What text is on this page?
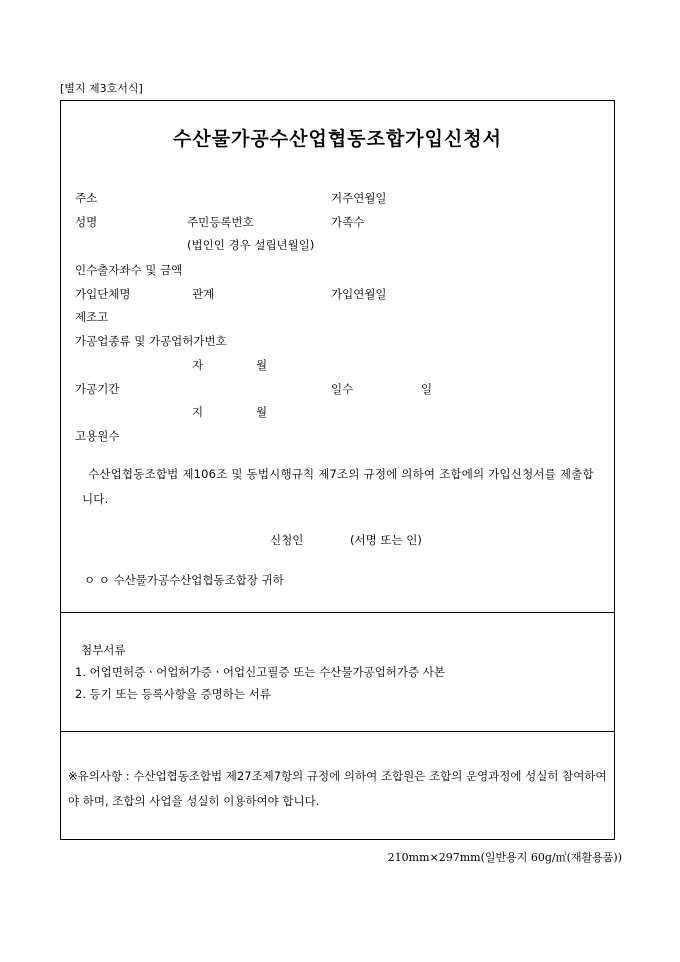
[별지 제3호서식]
수산물가공수산업협동조합가입신청서
주소	거주연월일
성명	주민등록번호	가족수
(법인인 경우 설립년월일)
인수출자좌수 및 금액
가입단체명	관계	가입연월일
제조고
가공업종류 및 가공업허가번호
자	월
가공기간	일수	일
지	월
고용원수
수산업협동조합법 제106조 및 동법시행규칙 제7조의 규정에 의하여 조합에의 가입신청서를 제출합니다.
신청인	(서명 또는 인)
ㅇ ㅇ 수산물가공수산업협동조합장 귀하
첨부서류
1. 어업면허증ㆍ어업허가증ㆍ어업신고필증 또는 수산물가공업허가증 사본
2. 등기 또는 등록사항을 증명하는 서류
※유의사항 : 수산업협동조합법 제27조제7항의 규정에 의하여 조합원은 조합의 운영과정에 성실히 참여하여야 하며, 조합의 사업을 성실히 이용하여야 합니다.
210mm×297mm(일반용지 60g/㎡(재활용품))
